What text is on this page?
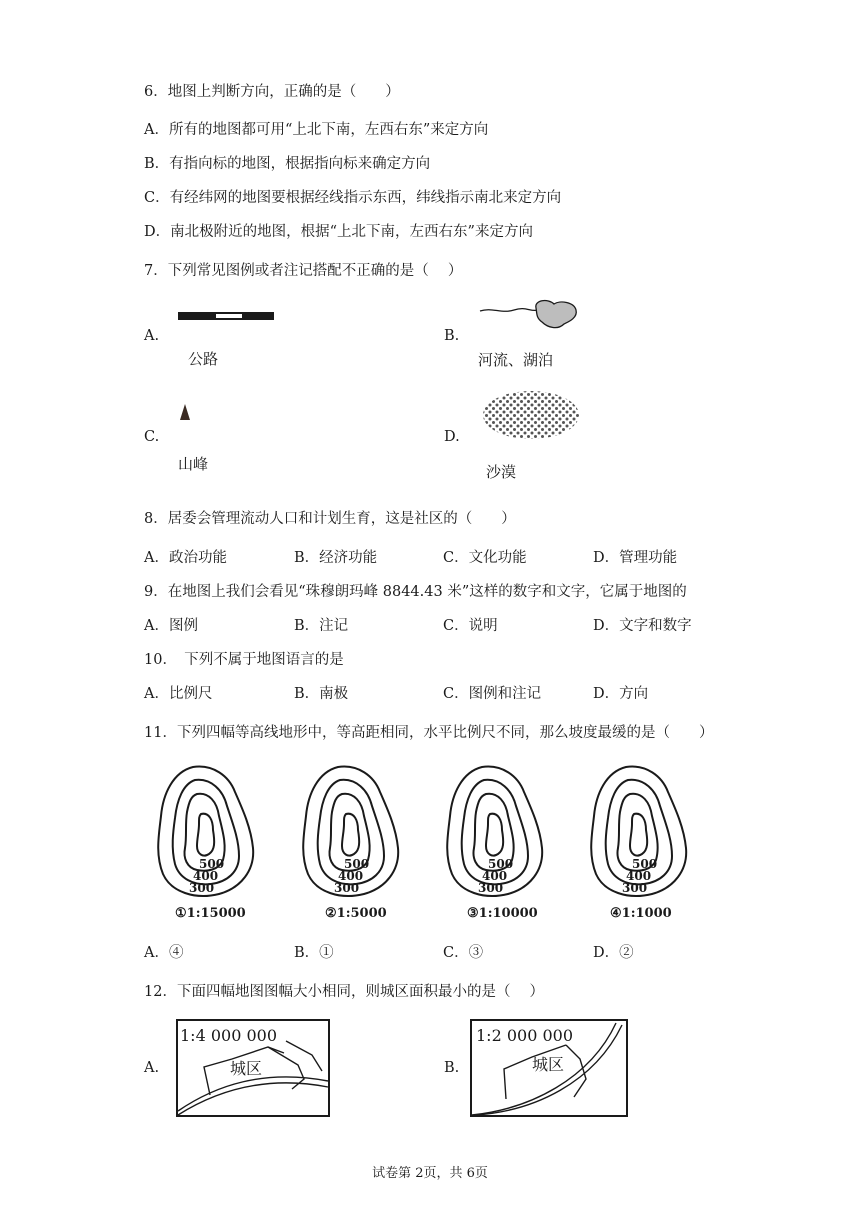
6．地图上判断方向，正确的是（　　）
A．所有的地图都可用“上北下南，左西右东”来定方向
B．有指向标的地图，根据指向标来确定方向
C．有经纬网的地图要根据经线指示东西，纬线指示南北来定方向
D．南北极附近的地图，根据“上北下南，左西右东”来定方向
7．下列常见图例或者注记搭配不正确的是（　 ）
A.
公路
B.
河流、湖泊
C.
山峰
D.
沙漠
8．居委会管理流动人口和计划生育，这是社区的（　　）
A．政治功能	B．经济功能	C．文化功能	D．管理功能
9．在地图上我们会看见“珠穆朗玛峰 8844.43 米”这样的数字和文字，它属于地图的
A．图例	B．注记	C．说明	D．文字和数字
10．　下列不属于地图语言的是
A．比例尺	B．南极	C．图例和注记	D．方向
11．下列四幅等高线地形中，等高距相同，水平比例尺不同，那么坡度最缓的是（　　）
500
400
300
500
400
300
500
400
300
500
400
300
①1:15000	②1:5000	③1:10000	④1:1000
A．④	B．①	C．③	D．②
12．下面四幅地图图幅大小相同，则城区面积最小的是（　 ）
A.
1:4 000 000
城区	B.
1:2 000 000
城区
试卷第 2页，共 6页
